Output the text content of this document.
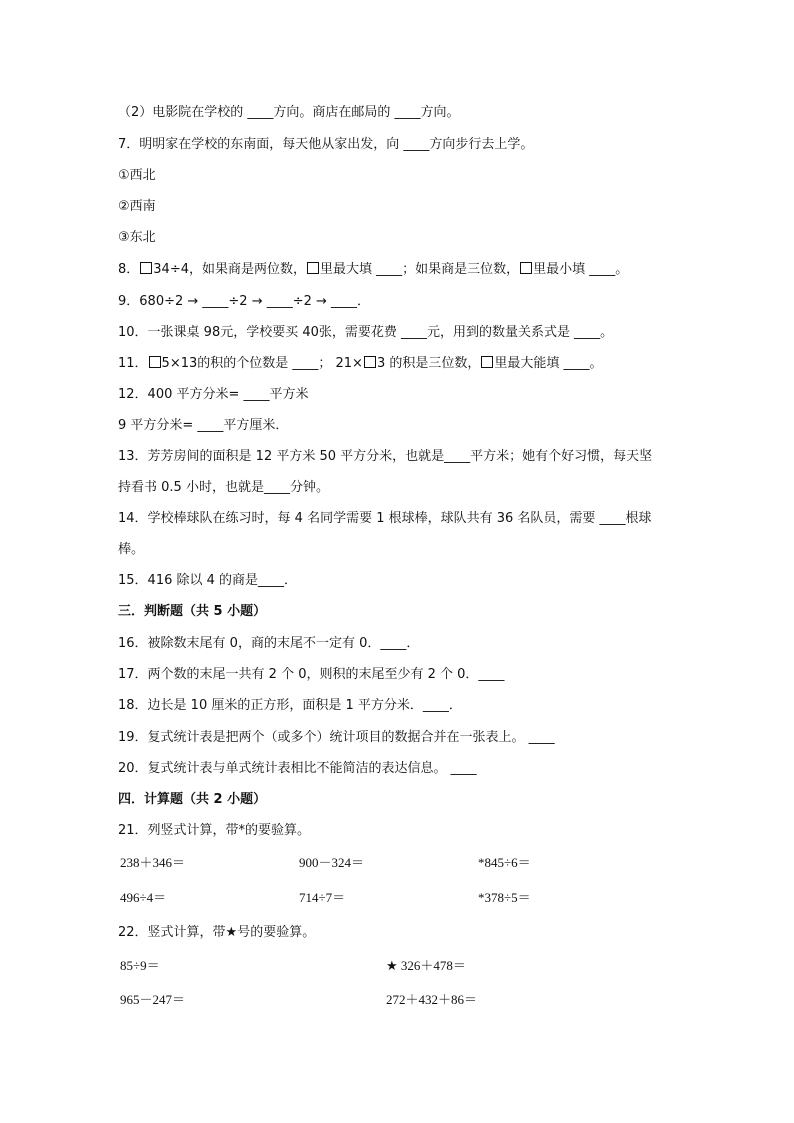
（2）电影院在学校的 ____方向。商店在邮局的 ____方向。
7．明明家在学校的东南面，每天他从家出发，向 ____方向步行去上学。
①西北
②西南
③东北
8． 34÷4，如果商是两位数， 里最大填 ____；如果商是三位数， 里最小填 ____。
9．680÷2 → ____÷2 → ____÷2 → ____．
10．一张课桌 98元，学校要买 40张，需要花费 ____元，用到的数量关系式是 ____。
11． 5×13的积的个位数是 ____； 21× 3 的积是三位数， 里最大能填 ____。
12．400 平方分米= ____平方米
9 平方分米= ____平方厘米．
13．芳芳房间的面积是 12 平方米 50 平方分米，也就是____平方米；她有个好习惯，每天坚
持看书 0.5 小时，也就是____分钟。
14．学校棒球队在练习时，每 4 名同学需要 1 根球棒，球队共有 36 名队员，需要 ____根球
棒。
15．416 除以 4 的商是____．
三．判断题（共 5 小题）
16．被除数末尾有 0，商的末尾不一定有 0．____．
17．两个数的末尾一共有 2 个 0，则积的末尾至少有 2 个 0．____
18．边长是 10 厘米的正方形，面积是 1 平方分米．____．
19．复式统计表是把两个（或多个）统计项目的数据合并在一张表上。 ____
20．复式统计表与单式统计表相比不能简洁的表达信息。 ____
四．计算题（共 2 小题）
21．列竖式计算，带*的要验算。
238＋346＝	900－324＝	*845÷6＝
496÷4＝	714÷7＝	*378÷5＝
22．竖式计算，带★号的要验算。
85÷9＝	★ 326＋478＝
965－247＝	272＋432＋86＝
